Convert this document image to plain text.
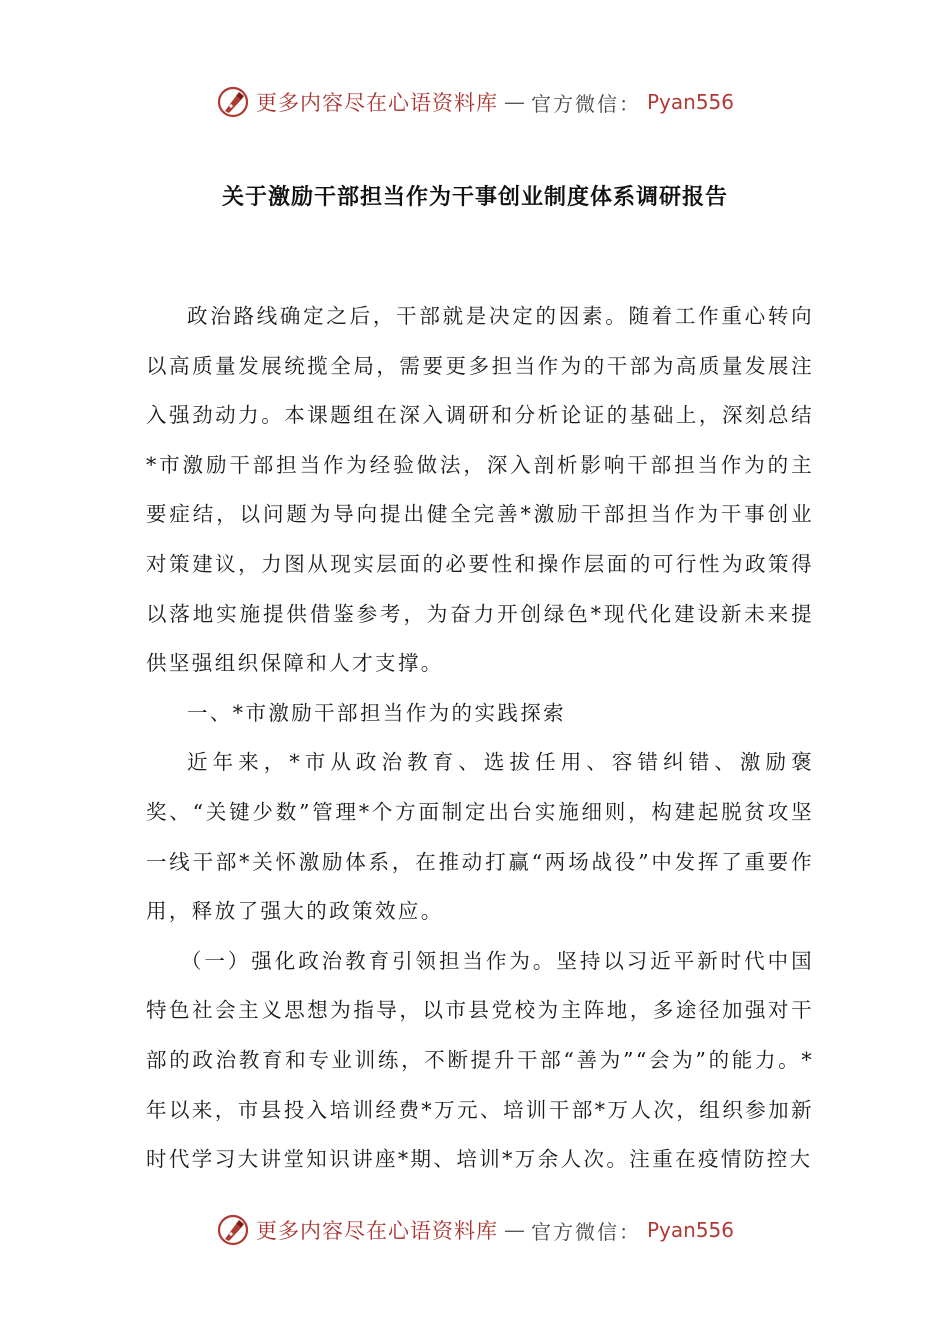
更多内容尽在心语资料库 — 官方微信： Pyan556
关于激励干部担当作为干事创业制度体系调研报告

政治路线确定之后，干部就是决定的因素。随着工作重心转向以高质量发展统揽全局，需要更多担当作为的干部为高质量发展注入强劲动力。本课题组在深入调研和分析论证的基础上，深刻总结*市激励干部担当作为经验做法，深入剖析影响干部担当作为的主要症结，以问题为导向提出健全完善*激励干部担当作为干事创业对策建议，力图从现实层面的必要性和操作层面的可行性为政策得以落地实施提供借鉴参考，为奋力开创绿色*现代化建设新未来提供坚强组织保障和人才支撑。

一、*市激励干部担当作为的实践探索

近年来，*市从政治教育、选拔任用、容错纠错、激励褒奖、“关键少数”管理*个方面制定出台实施细则，构建起脱贫攻坚一线干部*关怀激励体系，在推动打赢“两场战役”中发挥了重要作用，释放了强大的政策效应。

（一）强化政治教育引领担当作为。坚持以习近平新时代中国特色社会主义思想为指导，以市县党校为主阵地，多途径加强对干部的政治教育和专业训练，不断提升干部“善为”“会为”的能力。*年以来，市县投入培训经费*万元、培训干部*万人次，组织参加新时代学习大讲堂知识讲座*期、培训*万余人次。注重在疫情防控大

更多内容尽在心语资料库 — 官方微信： Pyan556
